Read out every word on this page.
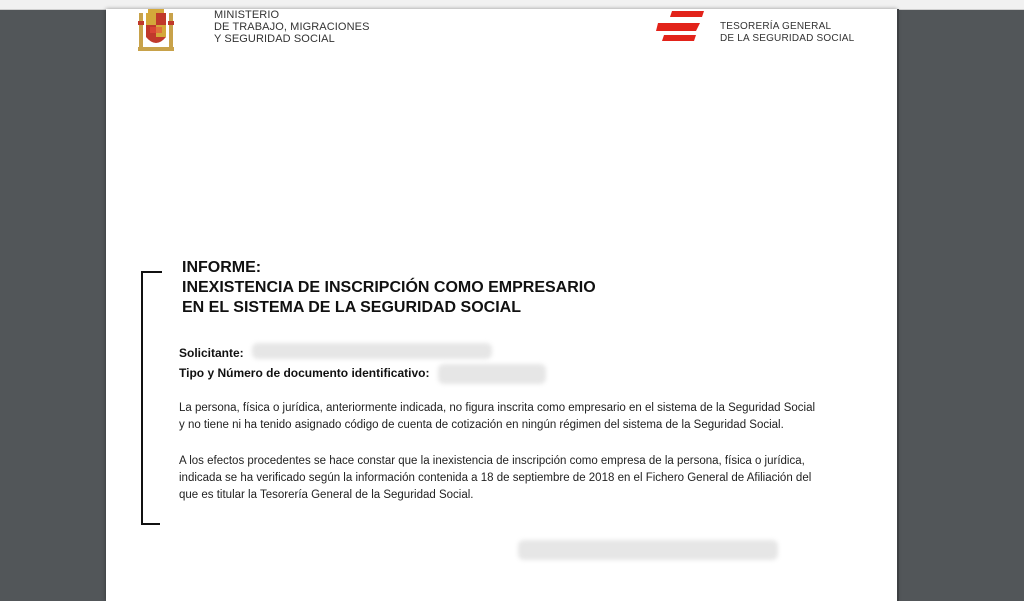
MINISTERIO
DE TRABAJO, MIGRACIONES
Y SEGURIDAD SOCIAL
TESORERÍA GENERAL
DE LA SEGURIDAD SOCIAL
INFORME:
INEXISTENCIA DE INSCRIPCIÓN COMO EMPRESARIO
EN EL SISTEMA DE LA SEGURIDAD SOCIAL
Solicitante:
Tipo y Número de documento identificativo:
La persona, física o jurídica, anteriormente indicada, no figura inscrita como empresario en el sistema de la Seguridad Social
y no tiene ni ha tenido asignado código de cuenta de cotización en ningún régimen del sistema de la Seguridad Social.
A los efectos procedentes se hace constar que la inexistencia de inscripción como empresa de la persona, física o jurídica,
indicada se ha verificado según la información contenida a 18 de septiembre de 2018 en el Fichero General de Afiliación del
que es titular la Tesorería General de la Seguridad Social.
